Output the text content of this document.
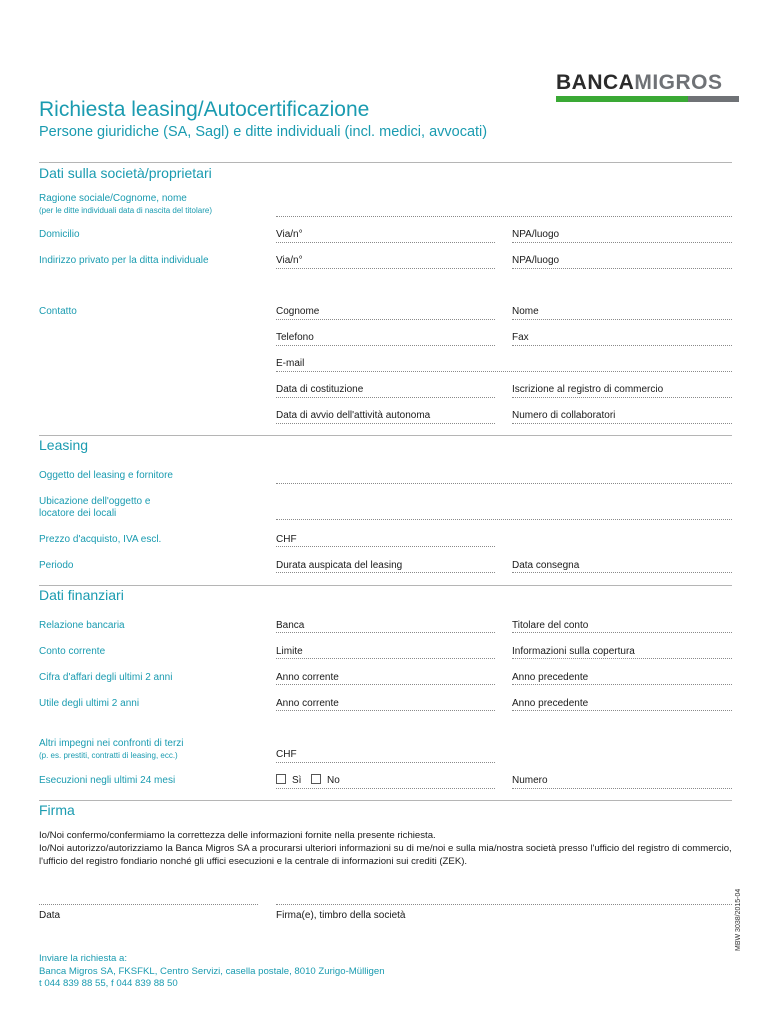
BANCAMIGROS
Richiesta leasing/Autocertificazione
Persone giuridiche (SA, Sagl) e ditte individuali (incl. medici, avvocati)
Dati sulla società/proprietari
Ragione sociale/Cognome, nome
(per le ditte individuali data di nascita del titolare)
Domicilio	Via/n°	NPA/luogo
Indirizzo privato per la ditta individuale	Via/n°	NPA/luogo
Contatto	Cognome	Nome
Telefono	Fax
E-mail
Data di costituzione	Iscrizione al registro di commercio
Data di avvio dell'attività autonoma	Numero di collaboratori
Leasing
Oggetto del leasing e fornitore
Ubicazione dell'oggetto e
locatore dei locali
Prezzo d'acquisto, IVA escl.	CHF
Periodo	Durata auspicata del leasing	Data consegna
Dati finanziari
Relazione bancaria	Banca	Titolare del conto
Conto corrente	Limite	Informazioni sulla copertura
Cifra d'affari degli ultimi 2 anni	Anno corrente	Anno precedente
Utile degli ultimi 2 anni	Anno corrente	Anno precedente
Altri impegni nei confronti di terzi
(p. es. prestiti, contratti di leasing, ecc.)	CHF
Esecuzioni negli ultimi 24 mesi	Sì	No	Numero
Firma
Io/Noi confermo/confermiamo la correttezza delle informazioni fornite nella presente richiesta.
Io/Noi autorizzo/autorizziamo la Banca Migros SA a procurarsi ulteriori informazioni su di me/noi e sulla mia/nostra società presso l'ufficio del registro di commercio, l'ufficio del registro fondiario nonché gli uffici esecuzioni e la centrale di informazioni sui crediti (ZEK).
Data	Firma(e), timbro della società
Inviare la richiesta a:
Banca Migros SA, FKSFKL, Centro Servizi, casella postale, 8010 Zurigo-Mülligen
t 044 839 88 55, f 044 839 88 50
MBW 3038/2015-04
